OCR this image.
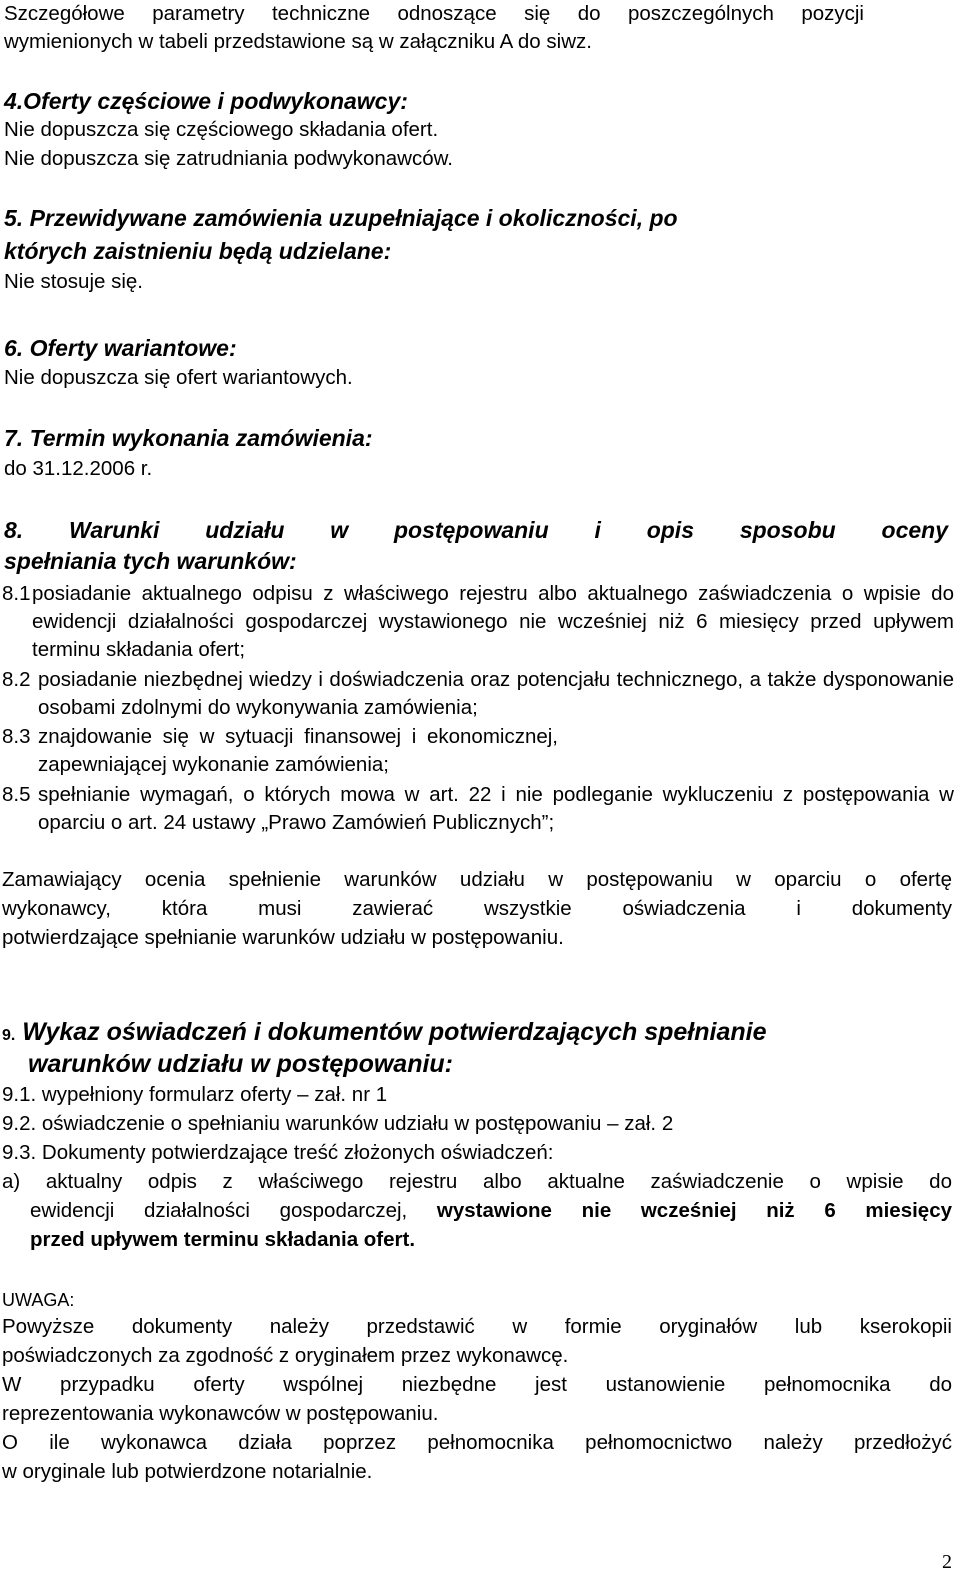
Szczegółowe parametry techniczne odnoszące się do poszczególnych pozycji

wymienionych w tabeli przedstawione są w załączniku A do siwz.

4.Oferty częściowe i podwykonawcy:

Nie dopuszcza się częściowego składania ofert.

Nie dopuszcza się zatrudniania podwykonawców.

5. Przewidywane zamówienia uzupełniające i okoliczności, po

których zaistnieniu będą udzielane:

Nie stosuje się.

6. Oferty wariantowe:

Nie dopuszcza się ofert wariantowych.

7. Termin wykonania zamówienia:

do 31.12.2006 r.

8. Warunki udziału w postępowaniu i opis sposobu oceny

spełniania tych warunków:

8.1 posiadanie aktualnego odpisu z właściwego rejestru albo aktualnego zaświadczenia o wpisie do ewidencji działalności gospodarczej wystawionego nie wcześniej niż 6 miesięcy przed upływem terminu składania ofert;
8.2 posiadanie niezbędnej wiedzy i doświadczenia oraz potencjału technicznego, a także dysponowanie osobami zdolnymi do wykonywania zamówienia;
8.3 znajdowanie się w sytuacji finansowej i ekonomicznej, zapewniającej wykonanie zamówienia;
8.5 spełnianie wymagań, o których mowa w art. 22 i nie podleganie wykluczeniu z postępowania w oparciu o art. 24 ustawy „Prawo Zamówień Publicznych”;

Zamawiający ocenia spełnienie warunków udziału w postępowaniu w oparciu o ofertę

wykonawcy, która musi zawierać wszystkie oświadczenia i dokumenty

potwierdzające spełnianie warunków udziału w postępowaniu.

9. Wykaz oświadczeń i dokumentów potwierdzających spełnianie

warunków udziału w postępowaniu:

9.1. wypełniony formularz oferty – zał. nr 1

9.2. oświadczenie o spełnianiu warunków udziału w postępowaniu – zał. 2

9.3. Dokumenty potwierdzające treść złożonych oświadczeń:

a) aktualny odpis z właściwego rejestru albo aktualne zaświadczenie o wpisie do

ewidencji działalności gospodarczej, wystawione nie wcześniej niż 6 miesięcy

przed upływem terminu składania ofert.

UWAGA:

Powyższe dokumenty należy przedstawić w formie oryginałów lub kserokopii

poświadczonych za zgodność z oryginałem przez wykonawcę.

W przypadku oferty wspólnej niezbędne jest ustanowienie pełnomocnika do

reprezentowania wykonawców w postępowaniu.

O ile wykonawca działa poprzez pełnomocnika pełnomocnictwo należy przedłożyć

w oryginale lub potwierdzone notarialnie.

2
